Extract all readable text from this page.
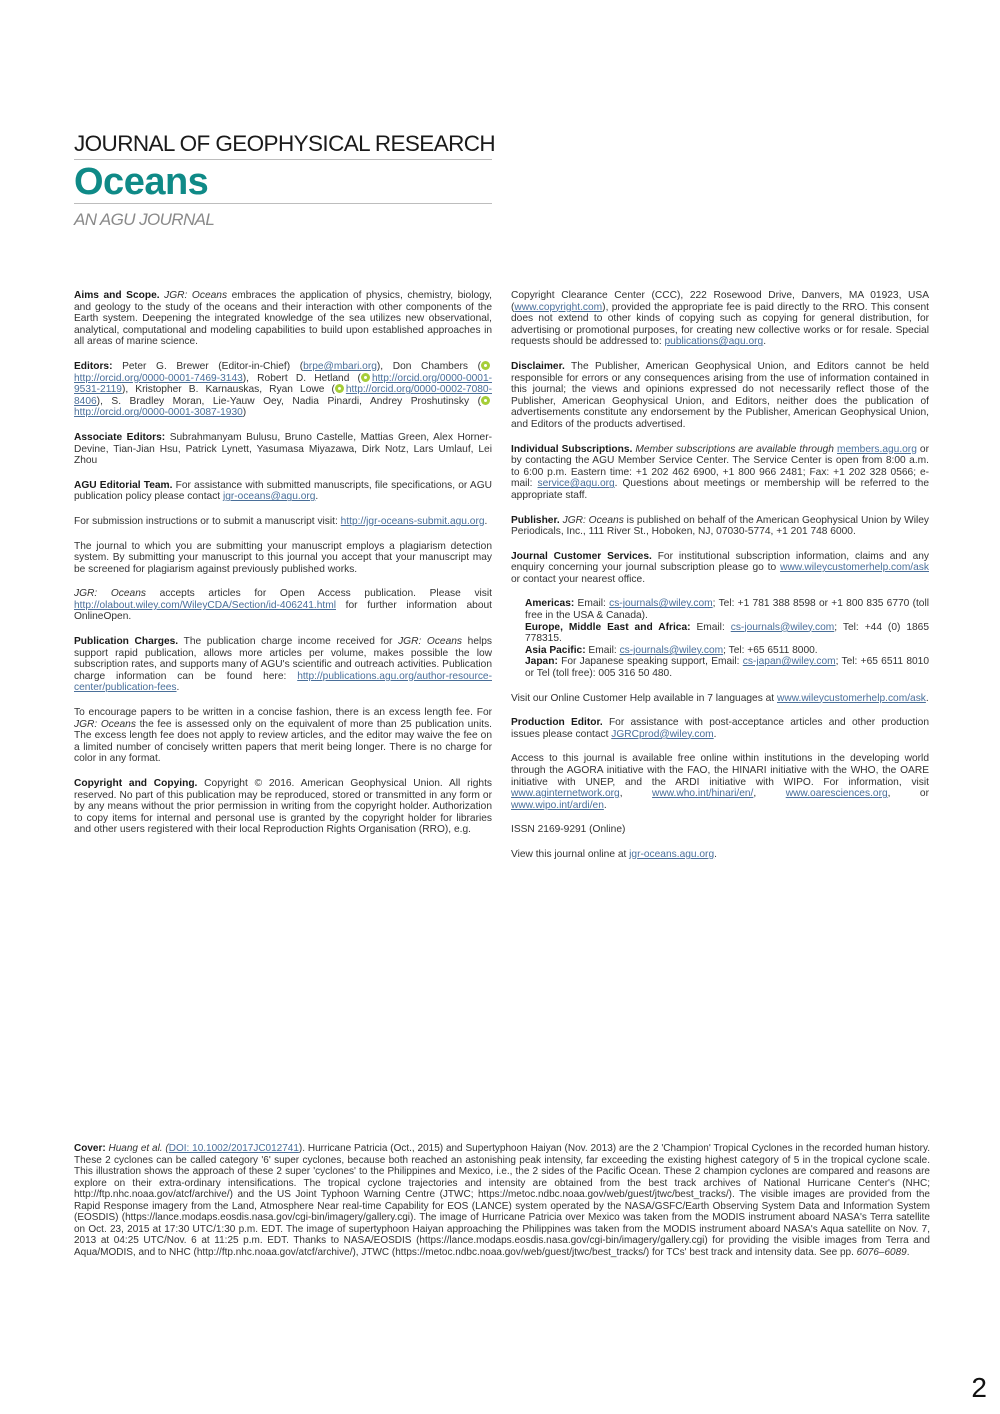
JOURNAL OF GEOPHYSICAL RESEARCH
Oceans
AN AGU JOURNAL

Aims and Scope. JGR: Oceans embraces the application of physics, chemistry, biology, and geology to the study of the oceans and their interaction with other components of the Earth system. Deepening the integrated knowledge of the sea utilizes new observational, analytical, computational and modeling capabilities to build upon established approaches in all areas of marine science.

Editors: Peter G. Brewer (Editor-in-Chief) (brpe@mbari.org), Don Chambers (http://orcid.org/0000-0001-7469-3143), Robert D. Hetland ( http://orcid.org/0000-0001-9531-2119), Kristopher B. Karnauskas, Ryan Lowe ( http://orcid.org/0000-0002-7080-8406), S. Bradley Moran, Lie-Yauw Oey, Nadia Pinardi, Andrey Proshutinsky (http://orcid.org/0000-0001-3087-1930)

Associate Editors: Subrahmanyam Bulusu, Bruno Castelle, Mattias Green, Alex Horner-Devine, Tian-Jian Hsu, Patrick Lynett, Yasumasa Miyazawa, Dirk Notz, Lars Umlauf, Lei Zhou

AGU Editorial Team. For assistance with submitted manuscripts, file specifications, or AGU publication policy please contact jgr-oceans@agu.org.

For submission instructions or to submit a manuscript visit: http://jgr-oceans-submit.agu.org.

The journal to which you are submitting your manuscript employs a plagiarism detection system. By submitting your manuscript to this journal you accept that your manuscript may be screened for plagiarism against previously published works.

JGR: Oceans accepts articles for Open Access publication. Please visit http://olabout.wiley.com/WileyCDA/Section/id-406241.html for further information about OnlineOpen.

Publication Charges. The publication charge income received for JGR: Oceans helps support rapid publication, allows more articles per volume, makes possible the low subscription rates, and supports many of AGU's scientific and outreach activities. Publication charge information can be found here: http://publications.agu.org/author-resource-center/publication-fees.

To encourage papers to be written in a concise fashion, there is an excess length fee. For JGR: Oceans the fee is assessed only on the equivalent of more than 25 publication units. The excess length fee does not apply to review articles, and the editor may waive the fee on a limited number of concisely written papers that merit being longer. There is no charge for color in any format.

Copyright and Copying. Copyright © 2016. American Geophysical Union. All rights reserved. No part of this publication may be reproduced, stored or transmitted in any form or by any means without the prior permission in writing from the copyright holder. Authorization to copy items for internal and personal use is granted by the copyright holder for libraries and other users registered with their local Reproduction Rights Organisation (RRO), e.g.

Copyright Clearance Center (CCC), 222 Rosewood Drive, Danvers, MA 01923, USA (www.copyright.com), provided the appropriate fee is paid directly to the RRO. This consent does not extend to other kinds of copying such as copying for general distribution, for advertising or promotional purposes, for creating new collective works or for resale. Special requests should be addressed to: publications@agu.org.

Disclaimer. The Publisher, American Geophysical Union, and Editors cannot be held responsible for errors or any consequences arising from the use of information contained in this journal; the views and opinions expressed do not necessarily reflect those of the Publisher, American Geophysical Union, and Editors, neither does the publication of advertisements constitute any endorsement by the Publisher, American Geophysical Union, and Editors of the products advertised.

Individual Subscriptions. Member subscriptions are available through members.agu.org or by contacting the AGU Member Service Center. The Service Center is open from 8:00 a.m. to 6:00 p.m. Eastern time: +1 202 462 6900, +1 800 966 2481; Fax: +1 202 328 0566; e-mail: service@agu.org. Questions about meetings or membership will be referred to the appropriate staff.

Publisher. JGR: Oceans is published on behalf of the American Geophysical Union by Wiley Periodicals, Inc., 111 River St., Hoboken, NJ, 07030-5774, +1 201 748 6000.

Journal Customer Services. For institutional subscription information, claims and any enquiry concerning your journal subscription please go to www.wileycustomerhelp.com/ask or contact your nearest office.

Americas: Email: cs-journals@wiley.com; Tel: +1 781 388 8598 or +1 800 835 6770 (toll free in the USA & Canada).

Europe, Middle East and Africa: Email: cs-journals@wiley.com; Tel: +44 (0) 1865 778315.

Asia Pacific: Email: cs-journals@wiley.com; Tel: +65 6511 8000.

Japan: For Japanese speaking support, Email: cs-japan@wiley.com; Tel: +65 6511 8010 or Tel (toll free): 005 316 50 480.

Visit our Online Customer Help available in 7 languages at www.wileycustomerhelp.com/ask.

Production Editor. For assistance with post-acceptance articles and other production issues please contact JGRCprod@wiley.com.

Access to this journal is available free online within institutions in the developing world through the AGORA initiative with the FAO, the HINARI initiative with the WHO, the OARE initiative with UNEP, and the ARDI initiative with WIPO. For information, visit www.aginternetwork.org, www.who.int/hinari/en/, www.oaresciences.org, or www.wipo.int/ardi/en.

ISSN 2169-9291 (Online)

View this journal online at jgr-oceans.agu.org.

Cover: Huang et al. (DOI: 10.1002/2017JC012741). Hurricane Patricia (Oct., 2015) and Supertyphoon Haiyan (Nov. 2013) are the 2 'Champion' Tropical Cyclones in the recorded human history. These 2 cyclones can be called category '6' super cyclones, because both reached an astonishing peak intensity, far exceeding the existing highest category of 5 in the tropical cyclone scale. This illustration shows the approach of these 2 super 'cyclones' to the Philippines and Mexico, i.e., the 2 sides of the Pacific Ocean. These 2 champion cyclones are compared and reasons are explore on their extra-ordinary intensifications. The tropical cyclone trajectories and intensity are obtained from the best track archives of National Hurricane Center's (NHC; http://ftp.nhc.noaa.gov/atcf/archive/) and the US Joint Typhoon Warning Centre (JTWC; https://metoc.ndbc.noaa.gov/web/guest/jtwc/best_tracks/). The visible images are provided from the Rapid Response imagery from the Land, Atmosphere Near real-time Capability for EOS (LANCE) system operated by the NASA/GSFC/Earth Observing System Data and Information System (EOSDIS) (https://lance.modaps.eosdis.nasa.gov/cgi-bin/imagery/gallery.cgi). The image of Hurricane Patricia over Mexico was taken from the MODIS instrument aboard NASA's Terra satellite on Oct. 23, 2015 at 17:30 UTC/1:30 p.m. EDT. The image of supertyphoon Haiyan approaching the Philippines was taken from the MODIS instrument aboard NASA's Aqua satellite on Nov. 7, 2013 at 04:25 UTC/Nov. 6 at 11:25 p.m. EDT. Thanks to NASA/EOSDIS (https://lance.modaps.eosdis.nasa.gov/cgi-bin/imagery/gallery.cgi) for providing the visible images from Terra and Aqua/MODIS, and to NHC (http://ftp.nhc.noaa.gov/atcf/archive/), JTWC (https://metoc.ndbc.noaa.gov/web/guest/jtwc/best_tracks/) for TCs' best track and intensity data. See pp. 6076–6089.

2
